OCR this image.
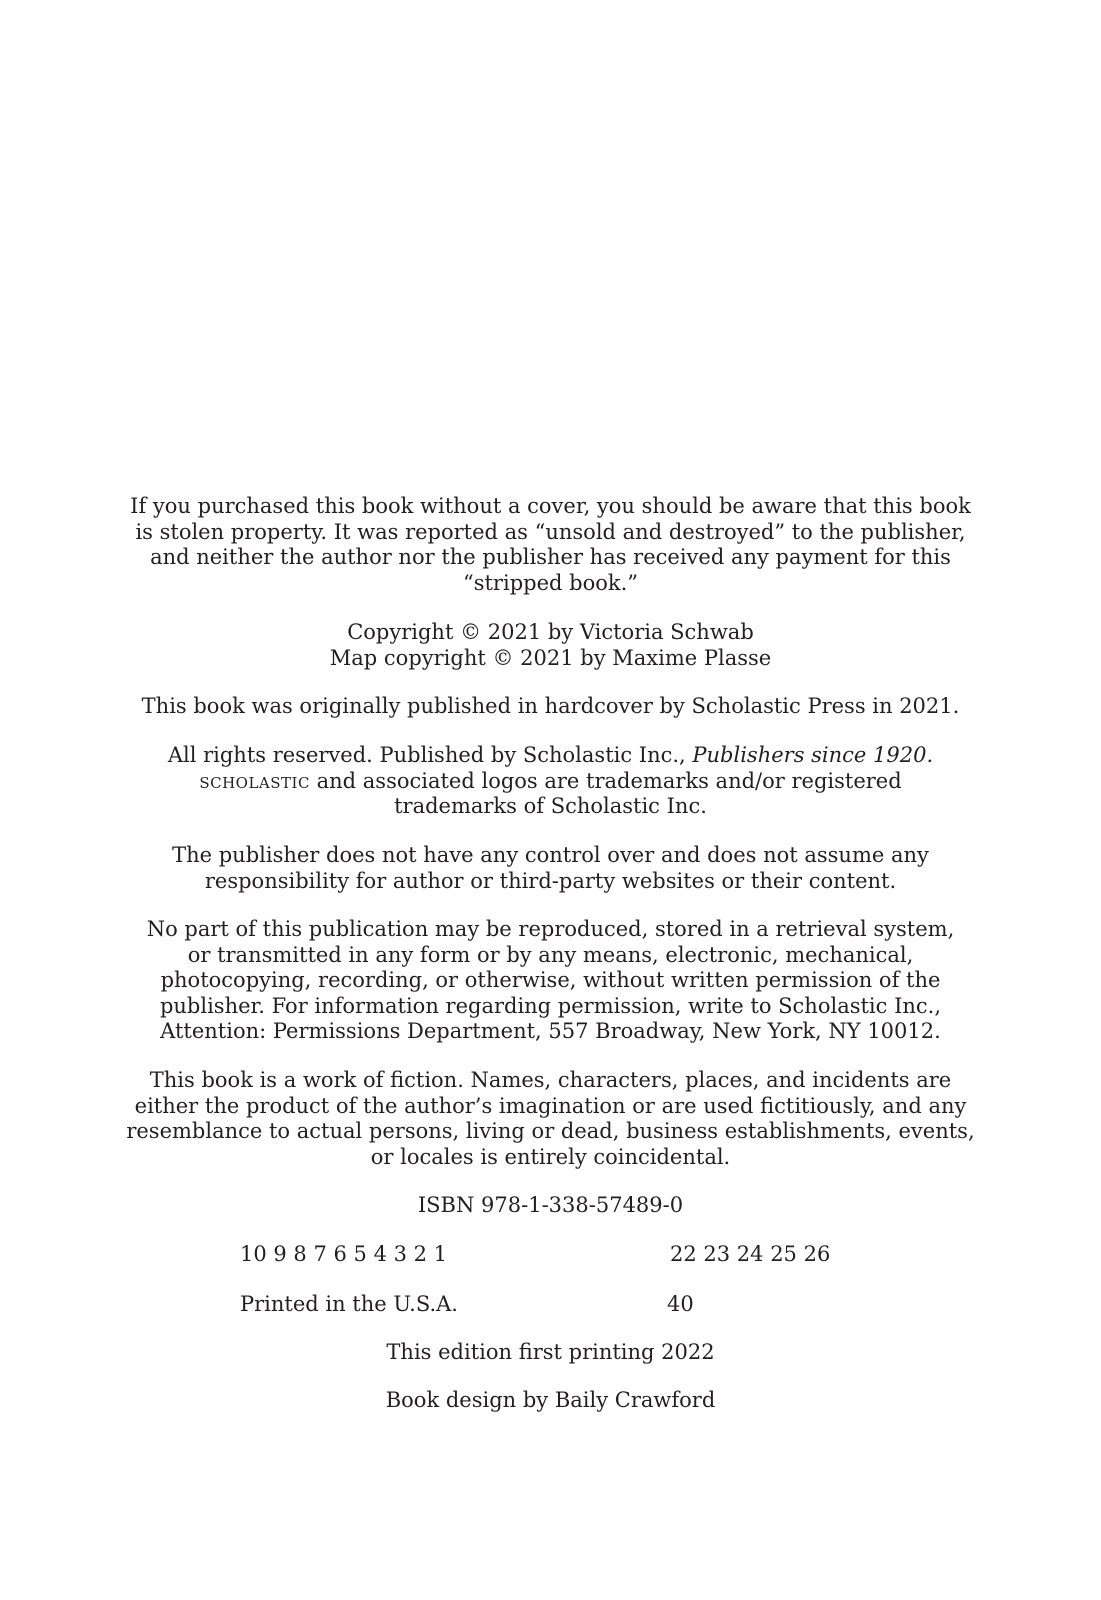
If you purchased this book without a cover, you should be aware that this book
is stolen property. It was reported as “unsold and destroyed” to the publisher,
and neither the author nor the publisher has received any payment for this
“stripped book.”

Copyright © 2021 by Victoria Schwab
Map copyright © 2021 by Maxime Plasse

This book was originally published in hardcover by Scholastic Press in 2021.

All rights reserved. Published by Scholastic Inc., Publishers since 1920.
scholastic and associated logos are trademarks and/or registered
trademarks of Scholastic Inc.

The publisher does not have any control over and does not assume any
responsibility for author or third-party websites or their content.

No part of this publication may be reproduced, stored in a retrieval system,
or transmitted in any form or by any means, electronic, mechanical,
photocopying, recording, or otherwise, without written permission of the
publisher. For information regarding permission, write to Scholastic Inc.,
Attention: Permissions Department, 557 Broadway, New York, NY 10012.

This book is a work of fiction. Names, characters, places, and incidents are
either the product of the author’s imagination or are used fictitiously, and any
resemblance to actual persons, living or dead, business establishments, events,
or locales is entirely coincidental.

ISBN 978-1-338-57489-0

10 9 8 7 6 5 4 3 2 1	22 23 24 25 26
Printed in the U.S.A.	40

This edition first printing 2022

Book design by Baily Crawford
